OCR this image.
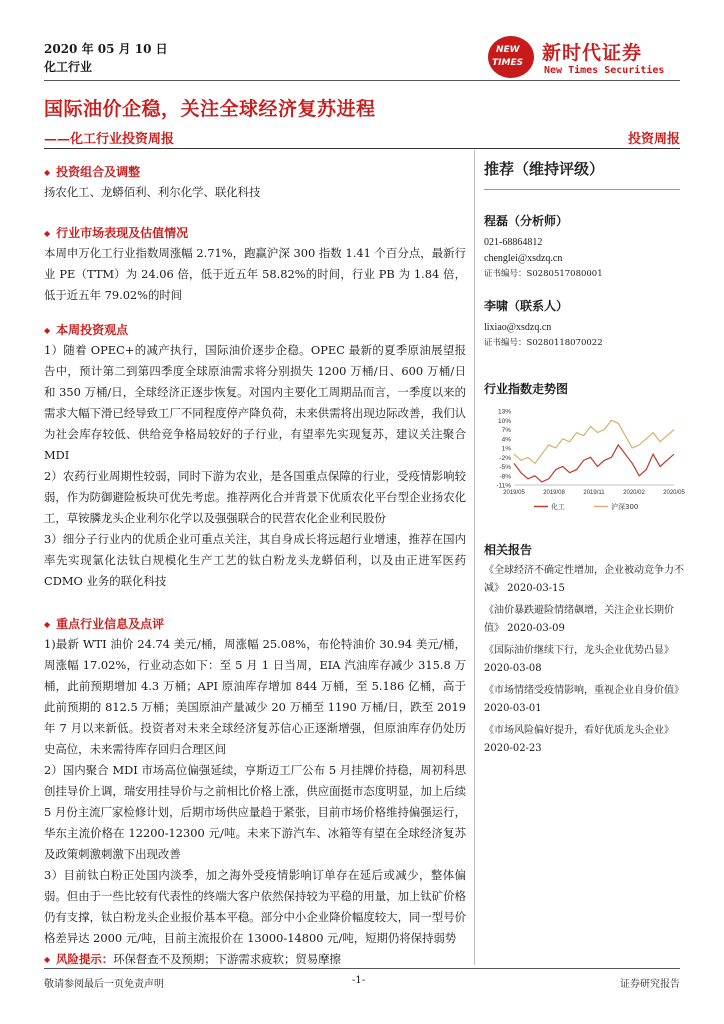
2020 年 05 月 10 日
化工行业
NEW
TIMES 新时代证券
New Times Securities
国际油价企稳，关注全球经济复苏进程
——化工行业投资周报	投资周报
◆ 投资组合及调整
扬农化工、龙蟒佰利、利尔化学、联化科技
◆ 行业市场表现及估值情况
本周申万化工行业指数周涨幅 2.71%，跑赢沪深 300 指数 1.41 个百分点，最新行业 PE（TTM）为 24.06 倍，低于近五年 58.82%的时间，行业 PB 为 1.84 倍，低于近五年 79.02%的时间
◆ 本周投资观点
1）随着 OPEC+的减产执行，国际油价逐步企稳。OPEC 最新的夏季原油展望报告中，预计第二到第四季度全球原油需求将分别损失 1200 万桶/日、600 万桶/日和 350 万桶/日，全球经济正逐步恢复。对国内主要化工周期品而言，一季度以来的需求大幅下滑已经导致工厂不同程度停产降负荷，未来供需将出现边际改善，我们认为社会库存较低、供给竞争格局较好的子行业，有望率先实现复苏，建议关注聚合 MDI
2）农药行业周期性较弱，同时下游为农业，是各国重点保障的行业，受疫情影响较弱，作为防御避险板块可优先考虑。推荐两化合并背景下优质农化平台型企业扬农化工，草铵膦龙头企业利尔化学以及强强联合的民营农化企业利民股份
3）细分子行业内的优质企业可重点关注，其自身成长将远超行业增速，推荐在国内率先实现氯化法钛白规模化生产工艺的钛白粉龙头龙蟒佰利，以及由正进军医药 CDMO 业务的联化科技
◆ 重点行业信息及点评
1)最新 WTI 油价 24.74 美元/桶，周涨幅 25.08%，布伦特油价 30.94 美元/桶，周涨幅 17.02%，行业动态如下：至 5 月 1 日当周，EIA 汽油库存减少 315.8 万桶，此前预期增加 4.3 万桶；API 原油库存增加 844 万桶，至 5.186 亿桶，高于此前预期的 812.5 万桶；美国原油产量减少 20 万桶至 1190 万桶/日，跌至 2019 年 7 月以来新低。投资者对未来全球经济复苏信心正逐渐增强，但原油库存仍处历史高位，未来需待库存回归合理区间
2）国内聚合 MDI 市场高位偏强延续，亨斯迈工厂公布 5 月挂牌价持稳，周初科思创挂导价上调，瑞安用挂导价与之前相比价格上涨，供应面挺市态度明显，加上后续 5 月份主流厂家检修计划，后期市场供应量趋于紧张，目前市场价格维持偏强运行，华东主流价格在 12200-12300 元/吨。未来下游汽车、冰箱等有望在全球经济复苏及政策刺激刺激下出现改善
3）目前钛白粉正处国内淡季，加之海外受疫情影响订单存在延后或减少，整体偏弱。但由于一些比较有代表性的终端大客户依然保持较为平稳的用量，加上钛矿价格仍有支撑，钛白粉龙头企业报价基本平稳。部分中小企业降价幅度较大，同一型号价格差异达 2000 元/吨，目前主流报价在 13000-14800 元/吨，短期仍将保持弱势
◆ 风险提示： 环保督查不及预期；下游需求疲软；贸易摩擦
推荐（维持评级）
程磊（分析师）
021-68864812
chenglei@xsdzq.cn
证书编号：S0280517080001
李啸（联系人）
lixiao@xsdzq.cn
证书编号：S0280118070022
行业指数走势图
13%
10%
7%
4%
1%
-2%
-5%
-8%
-11%
2019/05	2019/08	2019/11	2020/02	2020/05
化工	沪深300
相关报告
《全球经济不确定性增加，企业被动竞争力不减》 2020-03-15
《油价暴跌避险情绪飙增，关注企业长期价值》 2020-03-09
《国际油价继续下行，龙头企业优势凸显》 2020-03-08
《市场情绪受疫情影响，重视企业自身价值》 2020-03-01
《市场风险偏好提升，看好优质龙头企业》 2020-02-23
敬请参阅最后一页免责声明	-1-	证券研究报告
